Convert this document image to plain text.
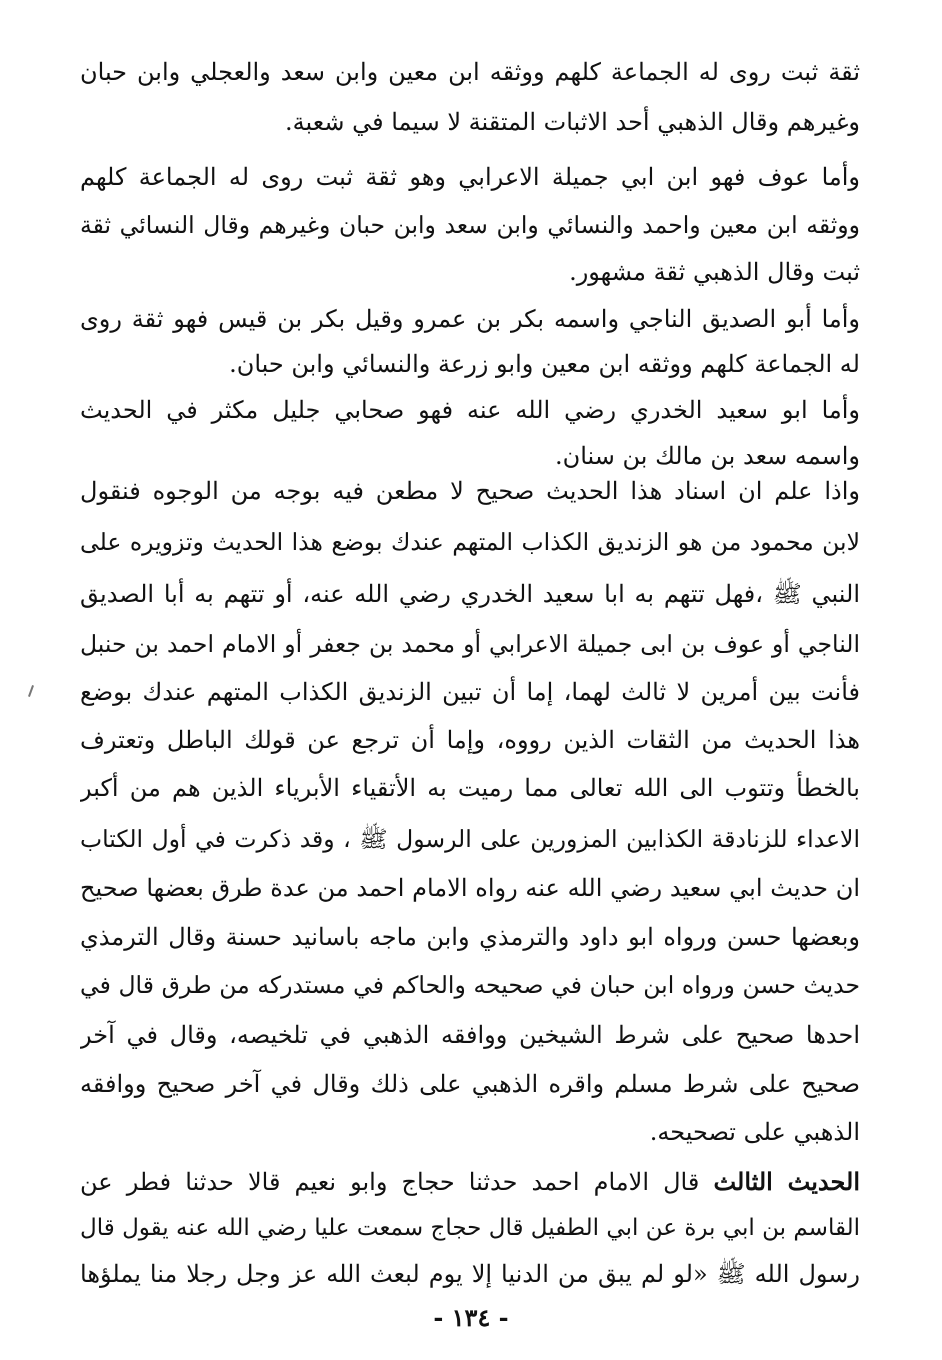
ثقة ثبت روى له الجماعة كلهم ووثقه ابن معين وابن سعد والعجلي وابن حبان
وغيرهم وقال الذهبي أحد الاثبات المتقنة لا سيما في شعبة.
وأما عوف فهو ابن ابي جميلة الاعرابي وهو ثقة ثبت روى له الجماعة كلهم
ووثقه ابن معين واحمد والنسائي وابن سعد وابن حبان وغيرهم وقال النسائي ثقة
ثبت وقال الذهبي ثقة مشهور.
وأما أبو الصديق الناجي واسمه بكر بن عمرو وقيل بكر بن قيس فهو ثقة روى
له الجماعة كلهم ووثقه ابن معين وابو زرعة والنسائي وابن حبان.
وأما ابو سعيد الخدري رضي الله عنه فهو صحابي جليل مكثر في الحديث
واسمه سعد بن مالك بن سنان.
واذا علم ان اسناد هذا الحديث صحيح لا مطعن فيه بوجه من الوجوه فنقول
لابن محمود من هو الزنديق الكذاب المتهم عندك بوضع هذا الحديث وتزويره على
النبي ﷺ ،فهل تتهم به ابا سعيد الخدري رضي الله عنه، أو تتهم به أبا الصديق
الناجي أو عوف بن ابى جميلة الاعرابي أو محمد بن جعفر أو الامام احمد بن حنبل
فأنت بين أمرين لا ثالث لهما، إما أن تبين الزنديق الكذاب المتهم عندك بوضع
هذا الحديث من الثقات الذين رووه، وإما أن ترجع عن قولك الباطل وتعترف
بالخطأ وتتوب الى الله تعالى مما رميت به الأتقياء الأبرياء الذين هم من أكبر
الاعداء للزنادقة الكذابين المزورين على الرسول ﷺ ، وقد ذكرت في أول الكتاب
ان حديث ابي سعيد رضي الله عنه رواه الامام احمد من عدة طرق بعضها صحيح
وبعضها حسن ورواه ابو داود والترمذي وابن ماجه باسانيد حسنة وقال الترمذي
حديث حسن ورواه ابن حبان في صحيحه والحاكم في مستدركه من طرق قال في
احدها صحيح على شرط الشيخين ووافقه الذهبي في تلخيصه، وقال في آخر
صحيح على شرط مسلم واقره الذهبي على ذلك وقال في آخر صحيح ووافقه
الذهبي على تصحيحه.
الحديث الثالث قال الامام احمد حدثنا حجاج وابو نعيم قالا حدثنا فطر عن
القاسم بن ابي برة عن ابي الطفيل قال حجاج سمعت عليا رضي الله عنه يقول قال
رسول الله ﷺ «لو لم يبق من الدنيا إلا يوم لبعث الله عز وجل رجلا منا يملؤها
- ١٣٤ -
